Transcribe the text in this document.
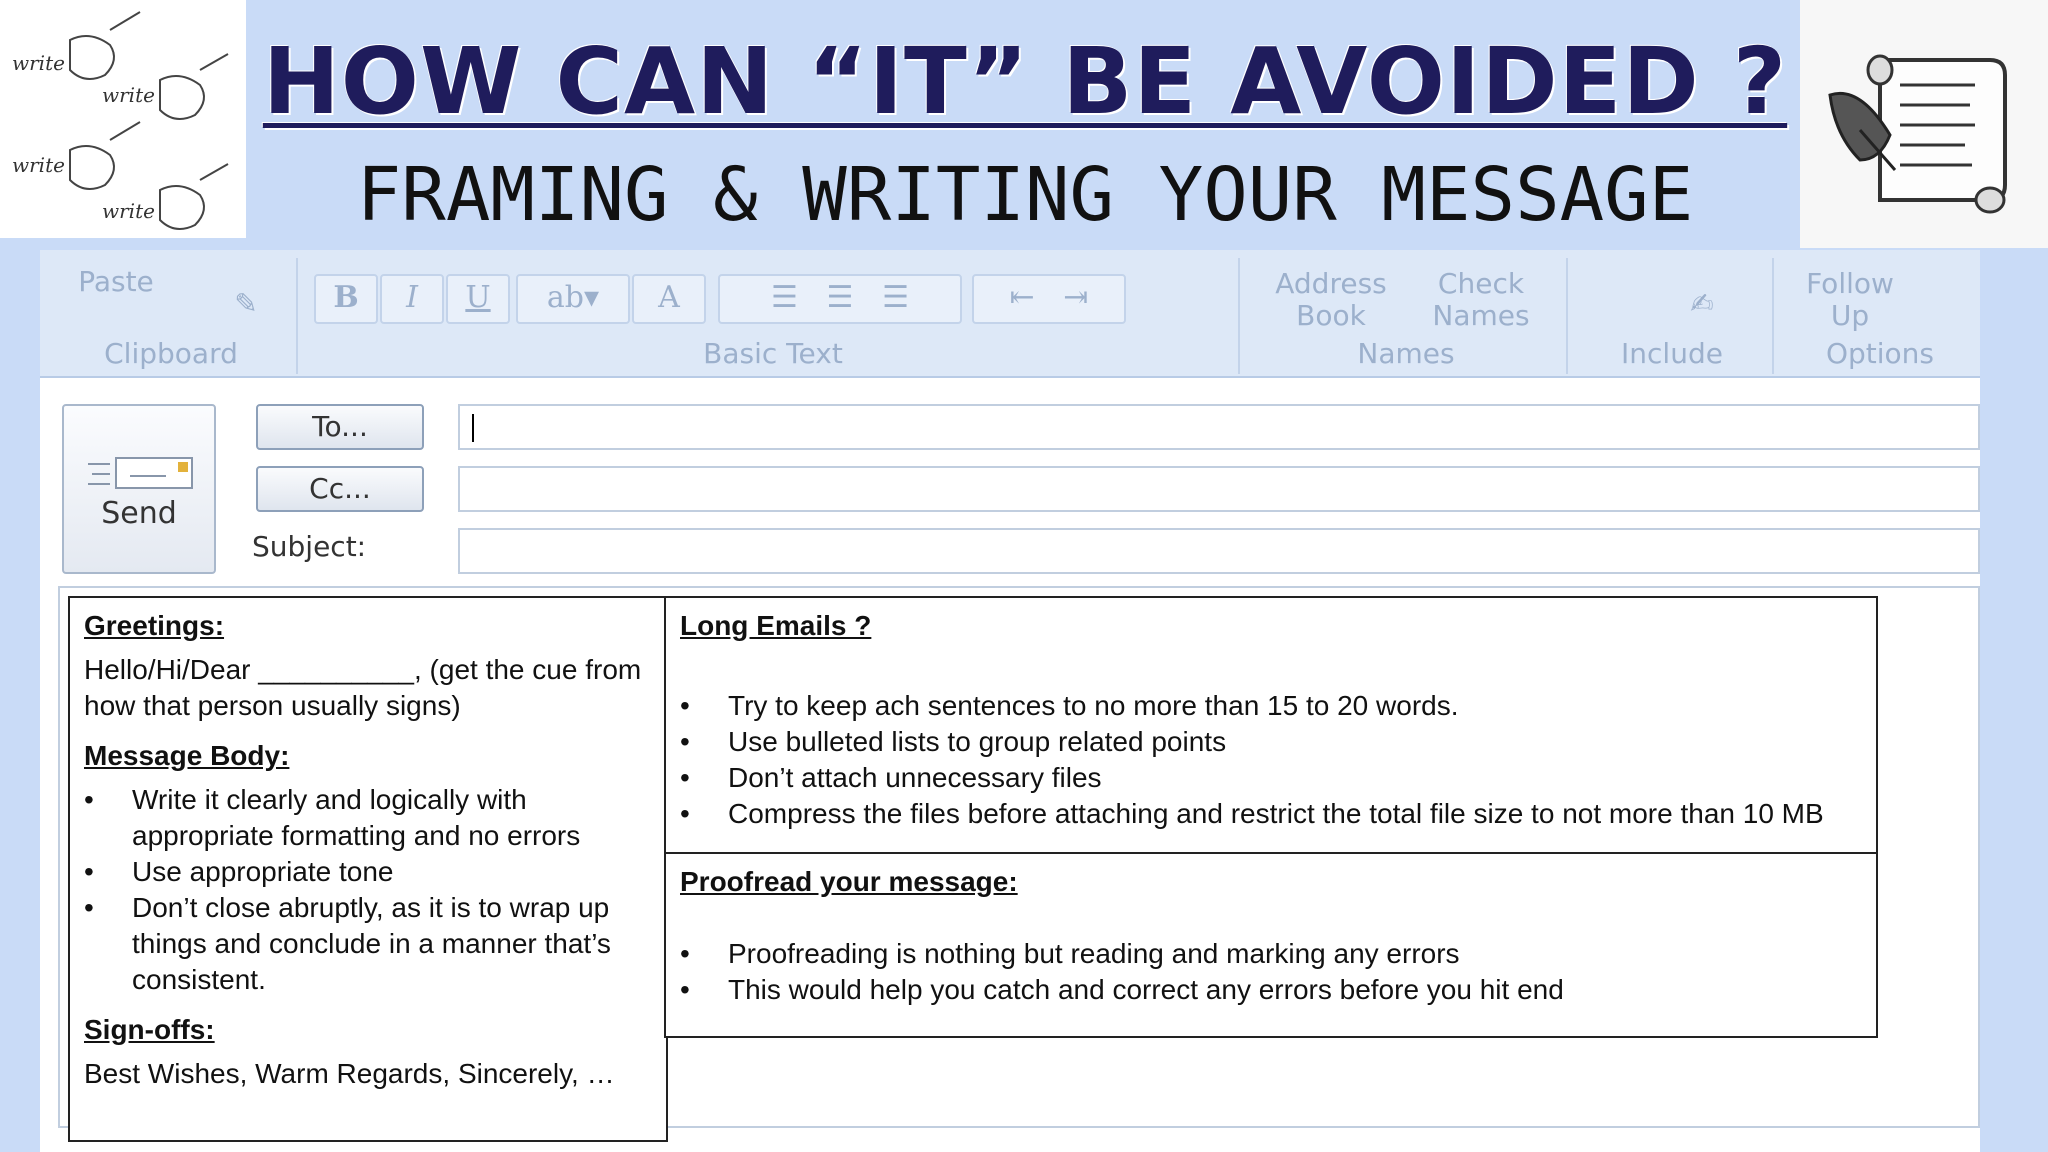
write
write
write
write
HOW CAN “IT” BE AVOIDED ?
FRAMING & WRITING YOUR MESSAGE
Paste
✎
Clipboard
B	I	U	ab▾	A	☰ ☰ ☰	⇤ ⇥
Basic Text
Address Book
Check Names
Names
✍
Include
Follow Up
Options
Send
To...
Cc...
Subject:
Greetings:

Hello/Hi/Dear __________, (get the cue from how that person usually signs)

Message Body:
• Write it clearly and logically with appropriate formatting and no errors
• Use appropriate tone
• Don’t close abruptly, as it is to wrap up things and conclude in a manner that’s consistent.
Sign-offs:

Best Wishes, Warm Regards, Sincerely, …

Long Emails ?
• Try to keep ach sentences to no more than 15 to 20 words.
• Use bulleted lists to group related points
• Don’t attach unnecessary files
• Compress the files before attaching and restrict the total file size to not more than 10 MB
Proofread your message:
• Proofreading is nothing but reading and marking any errors
• This would help you catch and correct any errors before you hit end
